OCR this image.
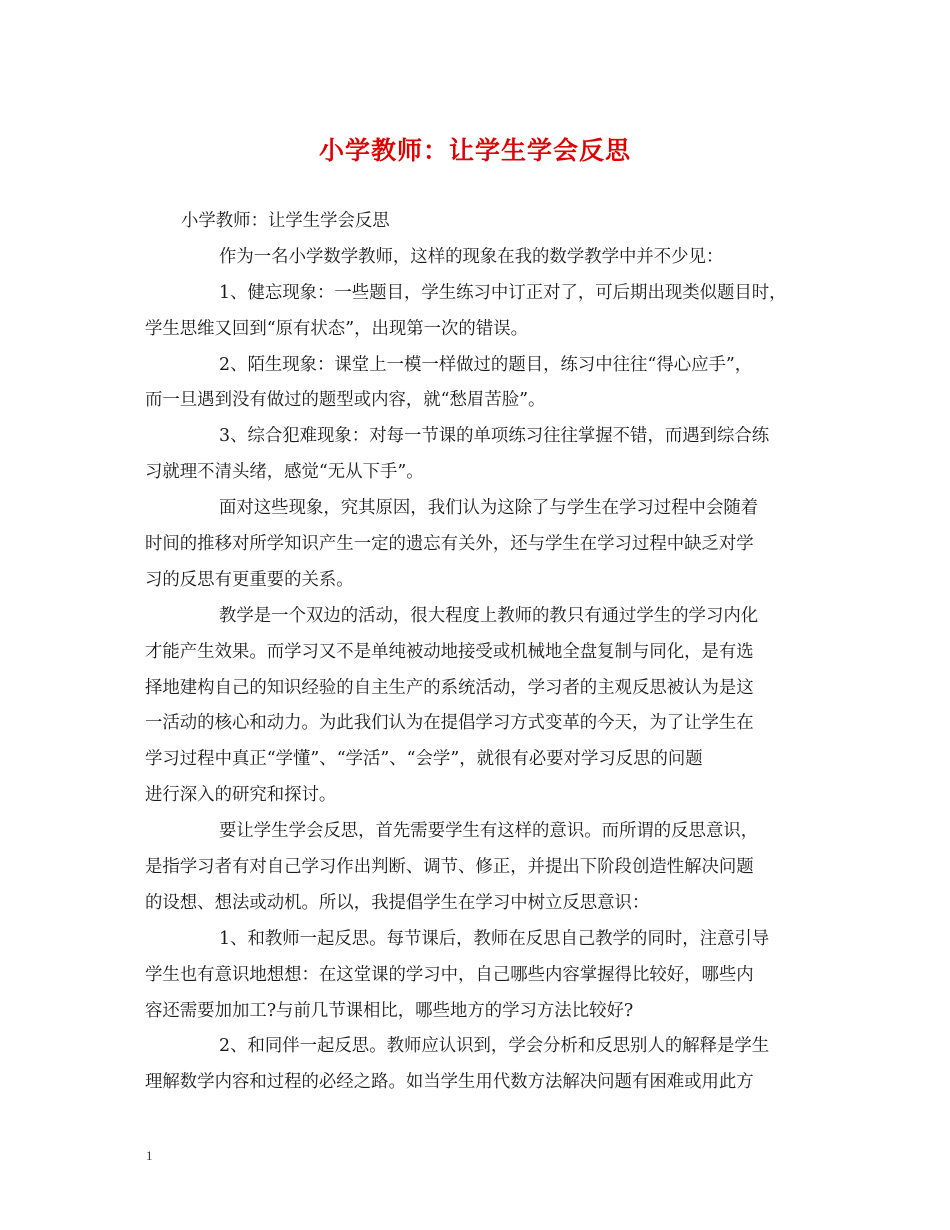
小学教师：让学生学会反思
小学教师：让学生学会反思
作为一名小学数学教师，这样的现象在我的数学教学中并不少见：
1、健忘现象：一些题目，学生练习中订正对了，可后期出现类似题目时，
学生思维又回到“原有状态”，出现第一次的错误。
2、陌生现象：课堂上一模一样做过的题目，练习中往往“得心应手”，
而一旦遇到没有做过的题型或内容，就“愁眉苦脸”。
3、综合犯难现象：对每一节课的单项练习往往掌握不错，而遇到综合练
习就理不清头绪，感觉“无从下手”。
面对这些现象，究其原因，我们认为这除了与学生在学习过程中会随着
时间的推移对所学知识产生一定的遗忘有关外，还与学生在学习过程中缺乏对学
习的反思有更重要的关系。
教学是一个双边的活动，很大程度上教师的教只有通过学生的学习内化
才能产生效果。而学习又不是单纯被动地接受或机械地全盘复制与同化，是有选
择地建构自己的知识经验的自主生产的系统活动，学习者的主观反思被认为是这
一活动的核心和动力。为此我们认为在提倡学习方式变革的今天，为了让学生在
学习过程中真正“学懂”、“学活”、“会学”，就很有必要对学习反思的问题
进行深入的研究和探讨。
要让学生学会反思，首先需要学生有这样的意识。而所谓的反思意识，
是指学习者有对自己学习作出判断、调节、修正，并提出下阶段创造性解决问题
的设想、想法或动机。所以，我提倡学生在学习中树立反思意识：
1、和教师一起反思。每节课后，教师在反思自己教学的同时，注意引导
学生也有意识地想想：在这堂课的学习中，自己哪些内容掌握得比较好，哪些内
容还需要加加工?与前几节课相比，哪些地方的学习方法比较好?
2、和同伴一起反思。教师应认识到，学会分析和反思别人的解释是学生
理解数学内容和过程的必经之路。如当学生用代数方法解决问题有困难或用此方
1
